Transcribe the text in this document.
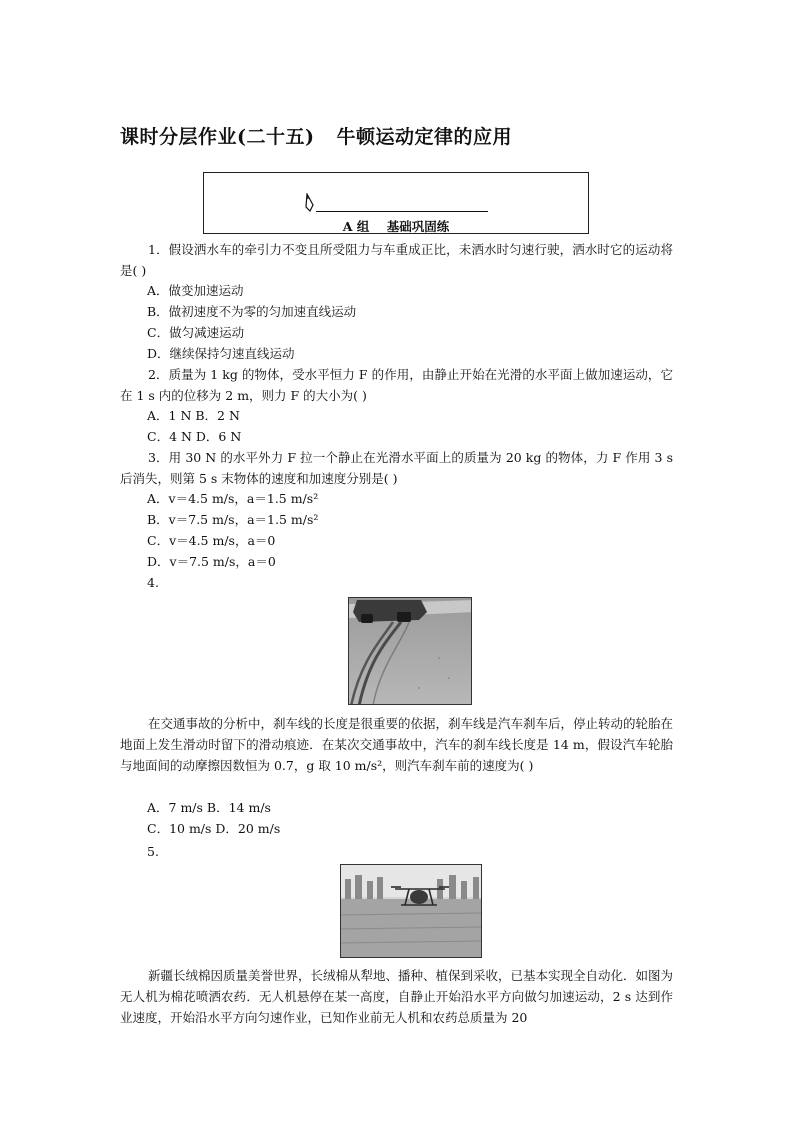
课时分层作业(二十五) 牛顿运动定律的应用
A 组    基础巩固练
1．假设洒水车的牵引力不变且所受阻力与车重成正比，未洒水时匀速行驶，洒水时它的运动将是( )
A．做变加速运动
B．做初速度不为零的匀加速直线运动
C．做匀减速运动
D．继续保持匀速直线运动
2．质量为 1 kg 的物体，受水平恒力 F 的作用，由静止开始在光滑的水平面上做加速运动，它在 1 s 内的位移为 2 m，则力 F 的大小为( )
A．1 N B．2 N
C．4 N D．6 N
3．用 30 N 的水平外力 F 拉一个静止在光滑水平面上的质量为 20 kg 的物体，力 F 作用 3 s 后消失，则第 5 s 末物体的速度和加速度分别是( )
A．v＝4.5 m/s，a＝1.5 m/s²
B．v＝7.5 m/s，a＝1.5 m/s²
C．v＝4.5 m/s，a＝0
D．v＝7.5 m/s，a＝0
4.
在交通事故的分析中，刹车线的长度是很重要的依据，刹车线是汽车刹车后，停止转动的轮胎在地面上发生滑动时留下的滑动痕迹．在某次交通事故中，汽车的刹车线长度是 14 m，假设汽车轮胎与地面间的动摩擦因数恒为 0.7，g 取 10 m/s²，则汽车刹车前的速度为( )
A．7 m/s B．14 m/s
C．10 m/s D．20 m/s
5.
新疆长绒棉因质量美誉世界，长绒棉从犁地、播种、植保到采收，已基本实现全自动化．如图为无人机为棉花喷洒农药．无人机悬停在某一高度，自静止开始沿水平方向做匀加速运动，2 s 达到作业速度，开始沿水平方向匀速作业，已知作业前无人机和农药总质量为 20
